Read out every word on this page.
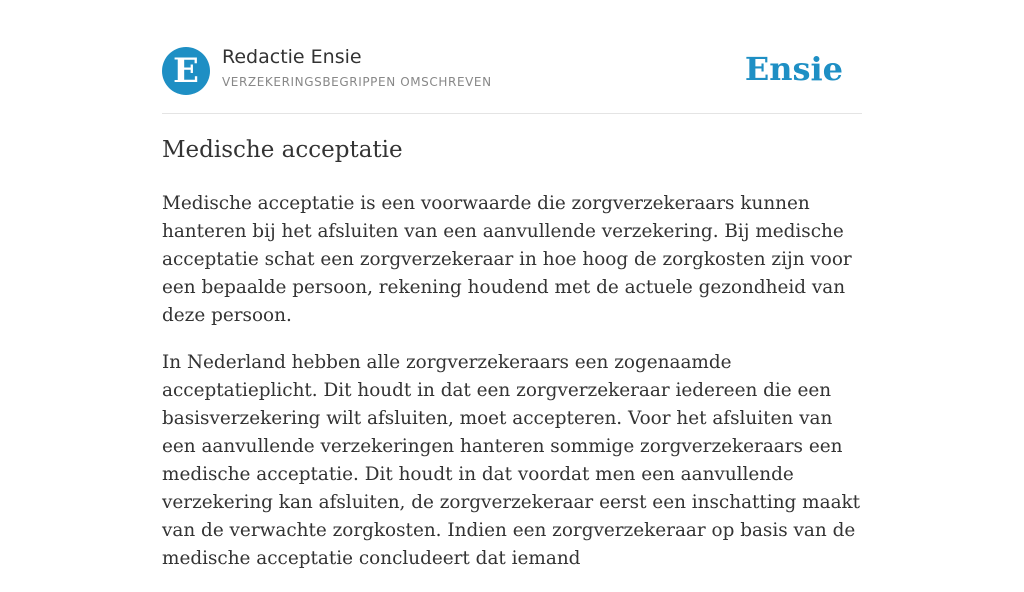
E	Redactie Ensie
VERZEKERINGSBEGRIPPEN OMSCHREVEN	Ensie
Medische acceptatie

Medische acceptatie is een voorwaarde die zorgverzekeraars kunnen hanteren bij het afsluiten van een aanvullende verzekering. Bij medische acceptatie schat een zorgverzekeraar in hoe hoog de zorgkosten zijn voor een bepaalde persoon, rekening houdend met de actuele gezondheid van deze persoon.

In Nederland hebben alle zorgverzekeraars een zogenaamde acceptatieplicht. Dit houdt in dat een zorgverzekeraar iedereen die een basisverzekering wilt afsluiten, moet accepteren. Voor het afsluiten van een aanvullende verzekeringen hanteren sommige zorgverzekeraars een medische acceptatie. Dit houdt in dat voordat men een aanvullende verzekering kan afsluiten, de zorgverzekeraar eerst een inschatting maakt van de verwachte zorgkosten. Indien een zorgverzekeraar op basis van de medische acceptatie concludeert dat iemand
